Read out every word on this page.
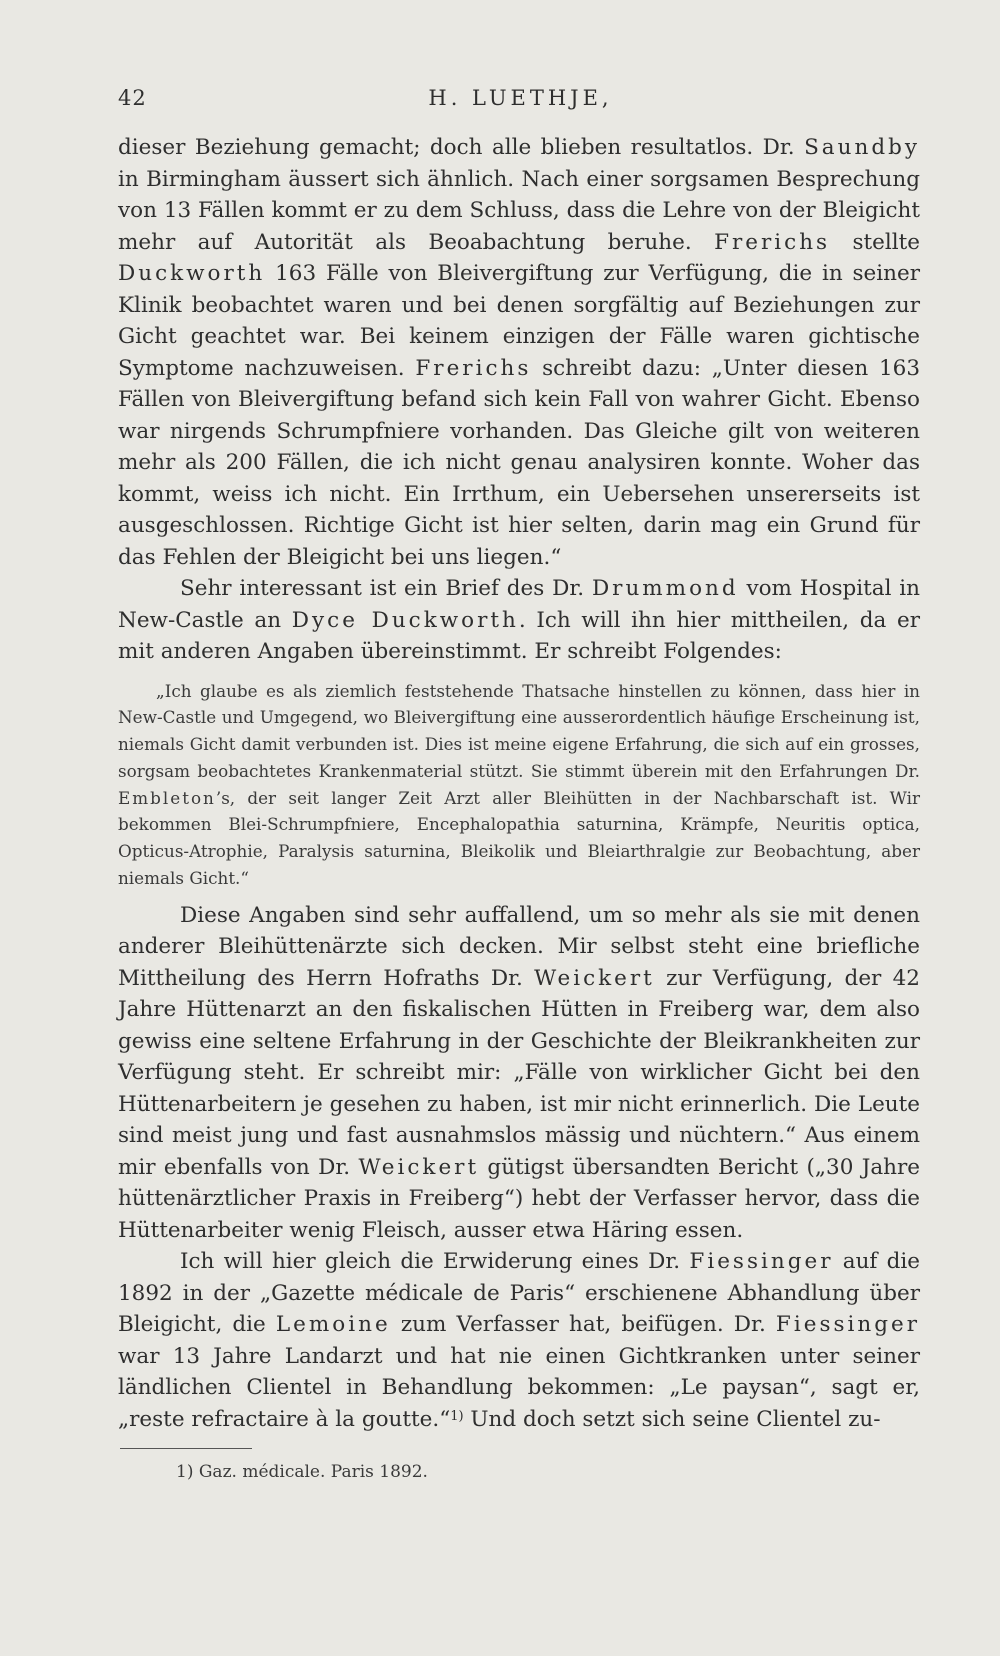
42	H. LUETHJE,

dieser Beziehung gemacht; doch alle blieben resultatlos. Dr. Saundby in Birmingham äussert sich ähnlich. Nach einer sorgsamen Besprechung von 13 Fällen kommt er zu dem Schluss, dass die Lehre von der Bleigicht mehr auf Autorität als Beoabachtung beruhe. Frerichs stellte Duckworth 163 Fälle von Bleivergiftung zur Verfügung, die in seiner Klinik beobachtet waren und bei denen sorgfältig auf Beziehungen zur Gicht geachtet war. Bei keinem einzigen der Fälle waren gichtische Symptome nachzuweisen. Frerichs schreibt dazu: „Unter diesen 163 Fällen von Bleivergiftung befand sich kein Fall von wahrer Gicht. Ebenso war nirgends Schrumpfniere vorhanden. Das Gleiche gilt von weiteren mehr als 200 Fällen, die ich nicht genau analysiren konnte. Woher das kommt, weiss ich nicht. Ein Irrthum, ein Uebersehen unsererseits ist ausgeschlossen. Richtige Gicht ist hier selten, darin mag ein Grund für das Fehlen der Bleigicht bei uns liegen.“

Sehr interessant ist ein Brief des Dr. Drummond vom Hospital in New-Castle an Dyce Duckworth. Ich will ihn hier mittheilen, da er mit anderen Angaben übereinstimmt. Er schreibt Folgendes:

„Ich glaube es als ziemlich feststehende Thatsache hinstellen zu können, dass hier in New-Castle und Umgegend, wo Bleivergiftung eine ausserordentlich häufige Erscheinung ist, niemals Gicht damit verbunden ist. Dies ist meine eigene Erfahrung, die sich auf ein grosses, sorgsam beobachtetes Krankenmaterial stützt. Sie stimmt überein mit den Erfahrungen Dr. Embleton’s, der seit langer Zeit Arzt aller Bleihütten in der Nachbarschaft ist. Wir bekommen Blei-Schrumpfniere, Encephalopathia saturnina, Krämpfe, Neuritis optica, Opticus-Atrophie, Paralysis saturnina, Bleikolik und Bleiarthralgie zur Beobachtung, aber niemals Gicht.“

Diese Angaben sind sehr auffallend, um so mehr als sie mit denen anderer Bleihüttenärzte sich decken. Mir selbst steht eine briefliche Mittheilung des Herrn Hofraths Dr. Weickert zur Verfügung, der 42 Jahre Hüttenarzt an den fiskalischen Hütten in Freiberg war, dem also gewiss eine seltene Erfahrung in der Geschichte der Bleikrankheiten zur Verfügung steht. Er schreibt mir: „Fälle von wirklicher Gicht bei den Hüttenarbeitern je gesehen zu haben, ist mir nicht erinnerlich. Die Leute sind meist jung und fast ausnahmslos mässig und nüchtern.“ Aus einem mir ebenfalls von Dr. Weickert gütigst übersandten Bericht („30 Jahre hüttenärztlicher Praxis in Freiberg“) hebt der Verfasser hervor, dass die Hüttenarbeiter wenig Fleisch, ausser etwa Häring essen.

Ich will hier gleich die Erwiderung eines Dr. Fiessinger auf die 1892 in der „Gazette médicale de Paris“ erschienene Abhandlung über Bleigicht, die Lemoine zum Verfasser hat, beifügen. Dr. Fiessinger war 13 Jahre Landarzt und hat nie einen Gichtkranken unter seiner ländlichen Clientel in Behandlung bekommen: „Le paysan“, sagt er, „reste refractaire à la goutte.“$^{1)}$ Und doch setzt sich seine Clientel zu-

1) Gaz. médicale. Paris 1892.
